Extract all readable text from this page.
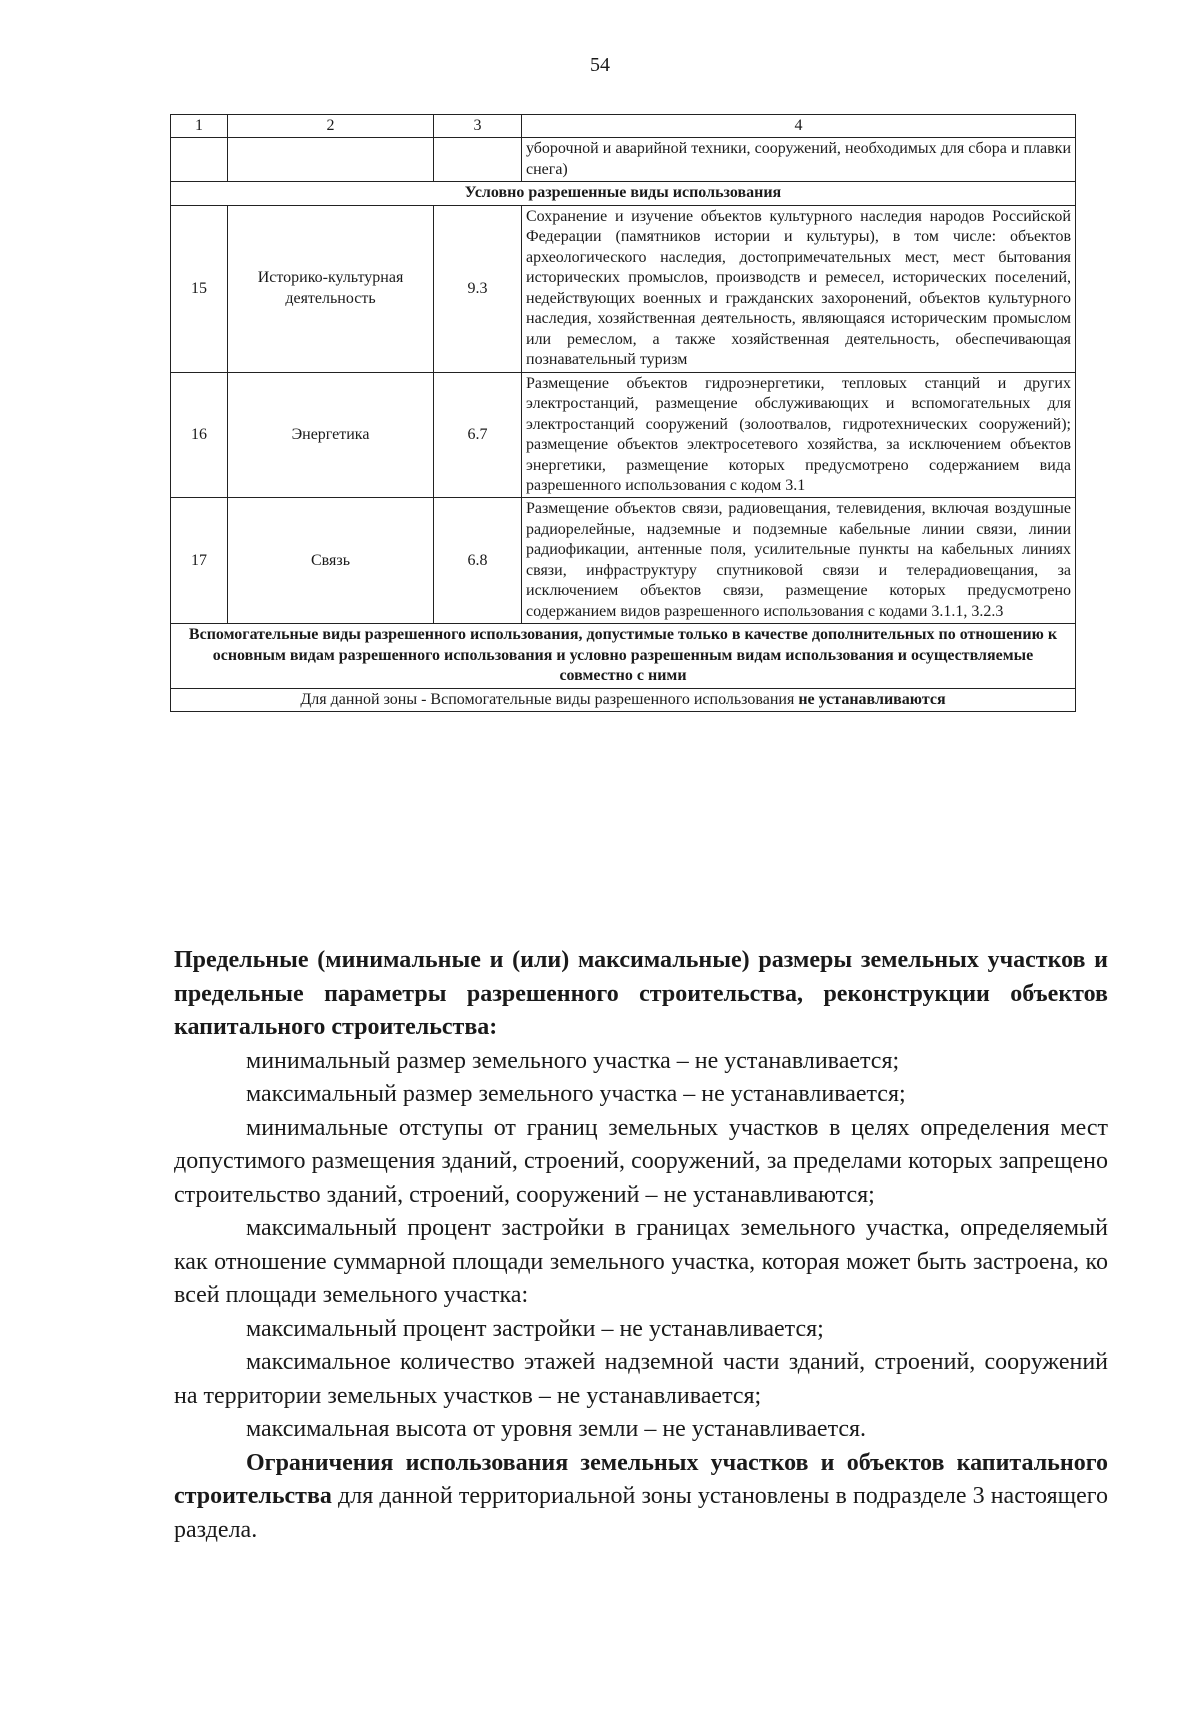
54
1	2	3	4
			уборочной и аварийной техники, сооружений, необходимых для сбора и плавки снега)
Условно разрешенные виды использования			
15	Историко-культурная деятельность	9.3	Сохранение и изучение объектов культурного наследия народов Российской Федерации (памятников истории и культуры), в том числе: объектов археологического наследия, достопримечательных мест, мест бытования исторических промыслов, производств и ремесел, исторических поселений, недействующих военных и гражданских захоронений, объектов культурного наследия, хозяйственная деятельность, являющаяся историческим промыслом или ремеслом, а также хозяйственная деятельность, обеспечивающая познавательный туризм
16	Энергетика	6.7	Размещение объектов гидроэнергетики, тепловых станций и других электростанций, размещение обслуживающих и вспомогательных для электростанций сооружений (золоотвалов, гидротехнических сооружений); размещение объектов электросетевого хозяйства, за исключением объектов энергетики, размещение которых предусмотрено содержанием вида разрешенного использования с кодом 3.1
17	Связь	6.8	Размещение объектов связи, радиовещания, телевидения, включая воздушные радиорелейные, надземные и подземные кабельные линии связи, линии радиофикации, антенные поля, усилительные пункты на кабельных линиях связи, инфраструктуру спутниковой связи и телерадиовещания, за исключением объектов связи, размещение которых предусмотрено содержанием видов разрешенного использования с кодами 3.1.1, 3.2.3
Вспомогательные виды разрешенного использования, допустимые только в качестве дополнительных по отношению к основным видам разрешенного использования и условно разрешенным видам использования и осуществляемые совместно с ними			
Для данной зоны - Вспомогательные виды разрешенного использования не устанавливаются			

Предельные (минимальные и (или) максимальные) размеры земельных участков и предельные параметры разрешенного строительства, реконструкции объектов капитального строительства:

минимальный размер земельного участка – не устанавливается;

максимальный размер земельного участка – не устанавливается;

минимальные отступы от границ земельных участков в целях определения мест допустимого размещения зданий, строений, сооружений, за пределами которых запрещено строительство зданий, строений, сооружений – не устанавливаются;

максимальный процент застройки в границах земельного участка, определяемый как отношение суммарной площади земельного участка, которая может быть застроена, ко всей площади земельного участка:

максимальный процент застройки – не устанавливается;

максимальное количество этажей надземной части зданий, строений, сооружений на территории земельных участков – не устанавливается;

максимальная высота от уровня земли – не устанавливается.

Ограничения использования земельных участков и объектов капитального строительства для данной территориальной зоны установлены в подразделе 3 настоящего раздела.
